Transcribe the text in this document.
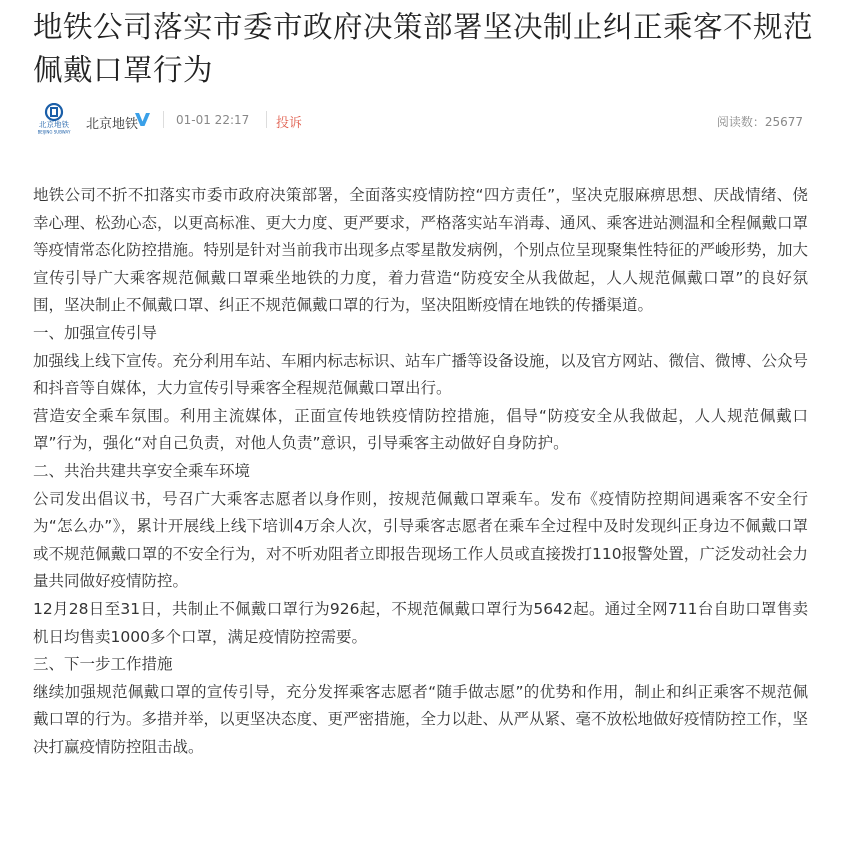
地铁公司落实市委市政府决策部署坚决制止纠正乘客不规范佩戴口罩行为
北京地铁
BEIJING SUBWAY 北京地铁	01-01 22:17 投诉	阅读数：25677

地铁公司不折不扣落实市委市政府决策部署，全面落实疫情防控“四方责任”，坚决克服麻痹思想、厌战情绪、侥幸心理、松劲心态，以更高标准、更大力度、更严要求，严格落实站车消毒、通风、乘客进站测温和全程佩戴口罩等疫情常态化防控措施。特别是针对当前我市出现多点零星散发病例，个别点位呈现聚集性特征的严峻形势，加大宣传引导广大乘客规范佩戴口罩乘坐地铁的力度，着力营造“防疫安全从我做起，人人规范佩戴口罩”的良好氛围，坚决制止不佩戴口罩、纠正不规范佩戴口罩的行为，坚决阻断疫情在地铁的传播渠道。

一、加强宣传引导

加强线上线下宣传。充分利用车站、车厢内标志标识、站车广播等设备设施，以及官方网站、微信、微博、公众号和抖音等自媒体，大力宣传引导乘客全程规范佩戴口罩出行。

营造安全乘车氛围。利用主流媒体，正面宣传地铁疫情防控措施，倡导“防疫安全从我做起，人人规范佩戴口罩”行为，强化“对自己负责，对他人负责”意识，引导乘客主动做好自身防护。

二、共治共建共享安全乘车环境

公司发出倡议书，号召广大乘客志愿者以身作则，按规范佩戴口罩乘车。发布《疫情防控期间遇乘客不安全行为“怎么办”》，累计开展线上线下培训4万余人次，引导乘客志愿者在乘车全过程中及时发现纠正身边不佩戴口罩或不规范佩戴口罩的不安全行为，对不听劝阻者立即报告现场工作人员或直接拨打110报警处置，广泛发动社会力量共同做好疫情防控。

12月28日至31日，共制止不佩戴口罩行为926起，不规范佩戴口罩行为5642起。通过全网711台自助口罩售卖机日均售卖1000多个口罩，满足疫情防控需要。

三、下一步工作措施

继续加强规范佩戴口罩的宣传引导，充分发挥乘客志愿者“随手做志愿”的优势和作用，制止和纠正乘客不规范佩戴口罩的行为。多措并举，以更坚决态度、更严密措施，全力以赴、从严从紧、毫不放松地做好疫情防控工作，坚决打赢疫情防控阻击战。
